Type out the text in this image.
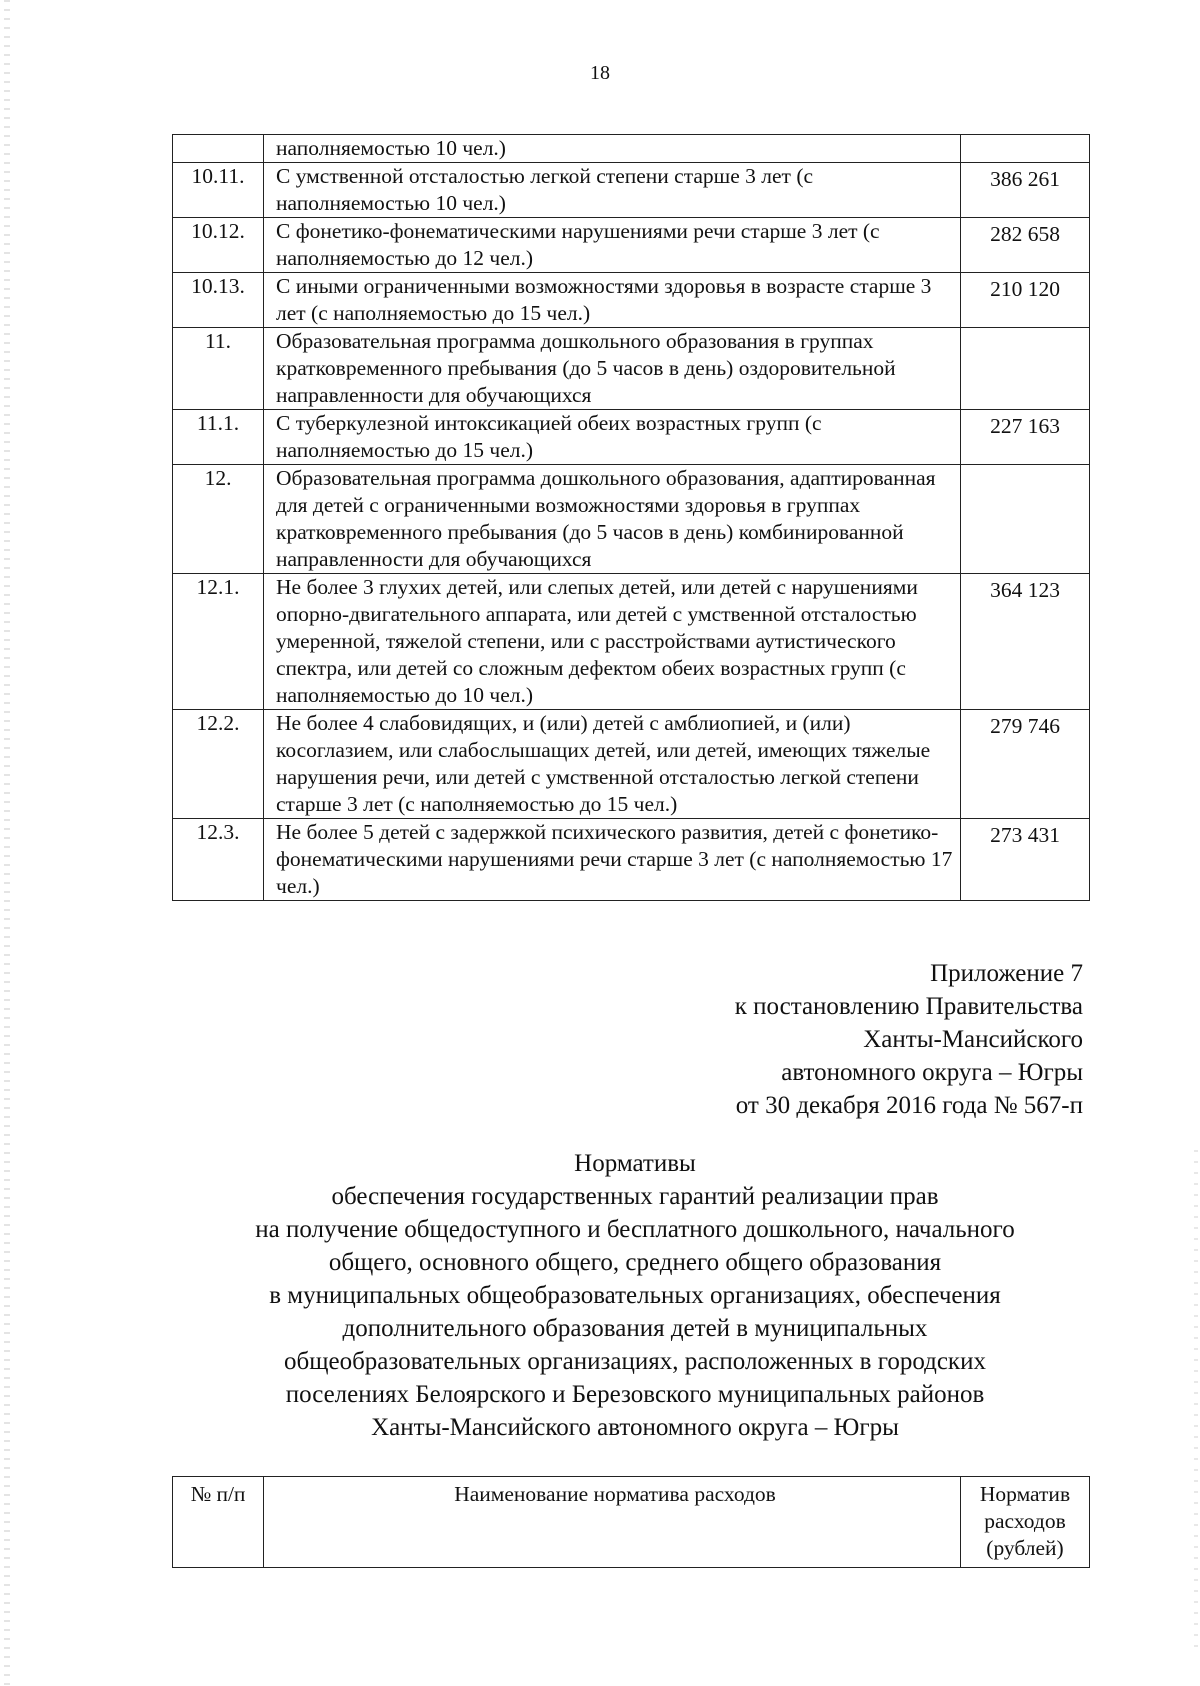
18
	наполняемостью 10 чел.)	
10.11.	С умственной отсталостью легкой степени старше 3 лет (с наполняемостью 10 чел.)	386 261
10.12.	С фонетико-фонематическими нарушениями речи старше 3 лет (с наполняемостью до 12 чел.)	282 658
10.13.	С иными ограниченными возможностями здоровья в возрасте старше 3 лет (с наполняемостью до 15 чел.)	210 120
11.	Образовательная программа дошкольного образования в группах кратковременного пребывания (до 5 часов в день) оздоровительной направленности для обучающихся	
11.1.	С туберкулезной интоксикацией обеих возрастных групп (с наполняемостью до 15 чел.)	227 163
12.	Образовательная программа дошкольного образования, адаптированная для детей с ограниченными возможностями здоровья в группах кратковременного пребывания (до 5 часов в день) комбинированной направленности для обучающихся	
12.1.	Не более 3 глухих детей, или слепых детей, или детей с нарушениями опорно-двигательного аппарата, или детей с умственной отсталостью умеренной, тяжелой степени, или с расстройствами аутистического спектра, или детей со сложным дефектом обеих возрастных групп (с наполняемостью до 10 чел.)	364 123
12.2.	Не более 4 слабовидящих, и (или) детей с амблиопией, и (или) косоглазием, или слабослышащих детей, или детей, имеющих тяжелые нарушения речи, или детей с умственной отсталостью легкой степени старше 3 лет (с наполняемостью до 15 чел.)	279 746
12.3.	Не более 5 детей с задержкой психического развития, детей с фонетико-фонематическими нарушениями речи старше 3 лет (с наполняемостью 17 чел.)	273 431
Приложение 7
к постановлению Правительства
Ханты-Мансийского
автономного округа – Югры
от 30 декабря 2016 года № 567-п
Нормативы
обеспечения государственных гарантий реализации прав
на получение общедоступного и бесплатного дошкольного, начального
общего, основного общего, среднего общего образования
в муниципальных общеобразовательных организациях, обеспечения
дополнительного образования детей в муниципальных
общеобразовательных организациях, расположенных в городских
поселениях Белоярского и Березовского муниципальных районов
Ханты-Мансийского автономного округа – Югры
№ п/п	Наименование норматива расходов	Норматив расходов (рублей)
